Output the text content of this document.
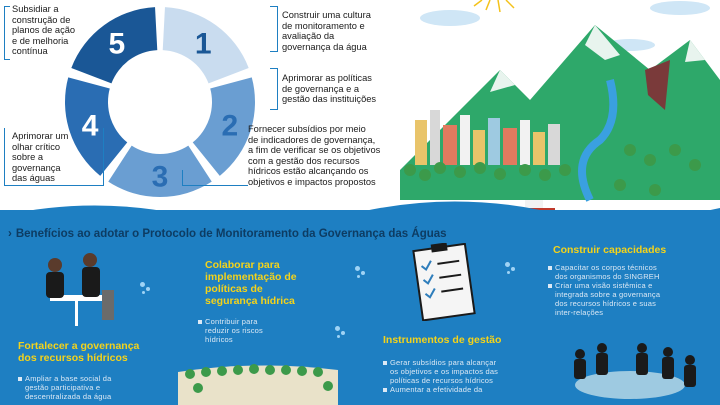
1
2
3
4
5
Subsidiar a
construção de
planos de ação
e de melhoria
contínua
Construir uma cultura
de monitoramento e
avaliação da
governança da água
Aprimorar as políticas
de governança e a
gestão das instituições
Fornecer subsídios por meio
de indicadores de governança,
a fim de verificar se os objetivos
com a gestão dos recursos
hídricos estão alcançando os
objetivos e impactos propostos
Aprimorar um
olhar crítico
sobre a
governança
das águas
› Benefícios ao adotar o Protocolo de Monitoramento da Governança das Águas
Fortalecer a governança
dos recursos hídricos
Ampliar a base social da
gestão participativa e
descentralizada da água
Colaborar para
implementação de
políticas de
segurança hídrica
Contribuir para
reduzir os riscos
hídricos	Instrumentos de gestão
Gerar subsídios para alcançar
os objetivos e os impactos das
políticas de recursos hídricos
Aumentar a efetividade da
Construir capacidades
Capacitar os corpos técnicos
dos organismos do SINGREH
Criar uma visão sistêmica e
integrada sobre a governança
dos recursos hídricos e suas
inter-relações
